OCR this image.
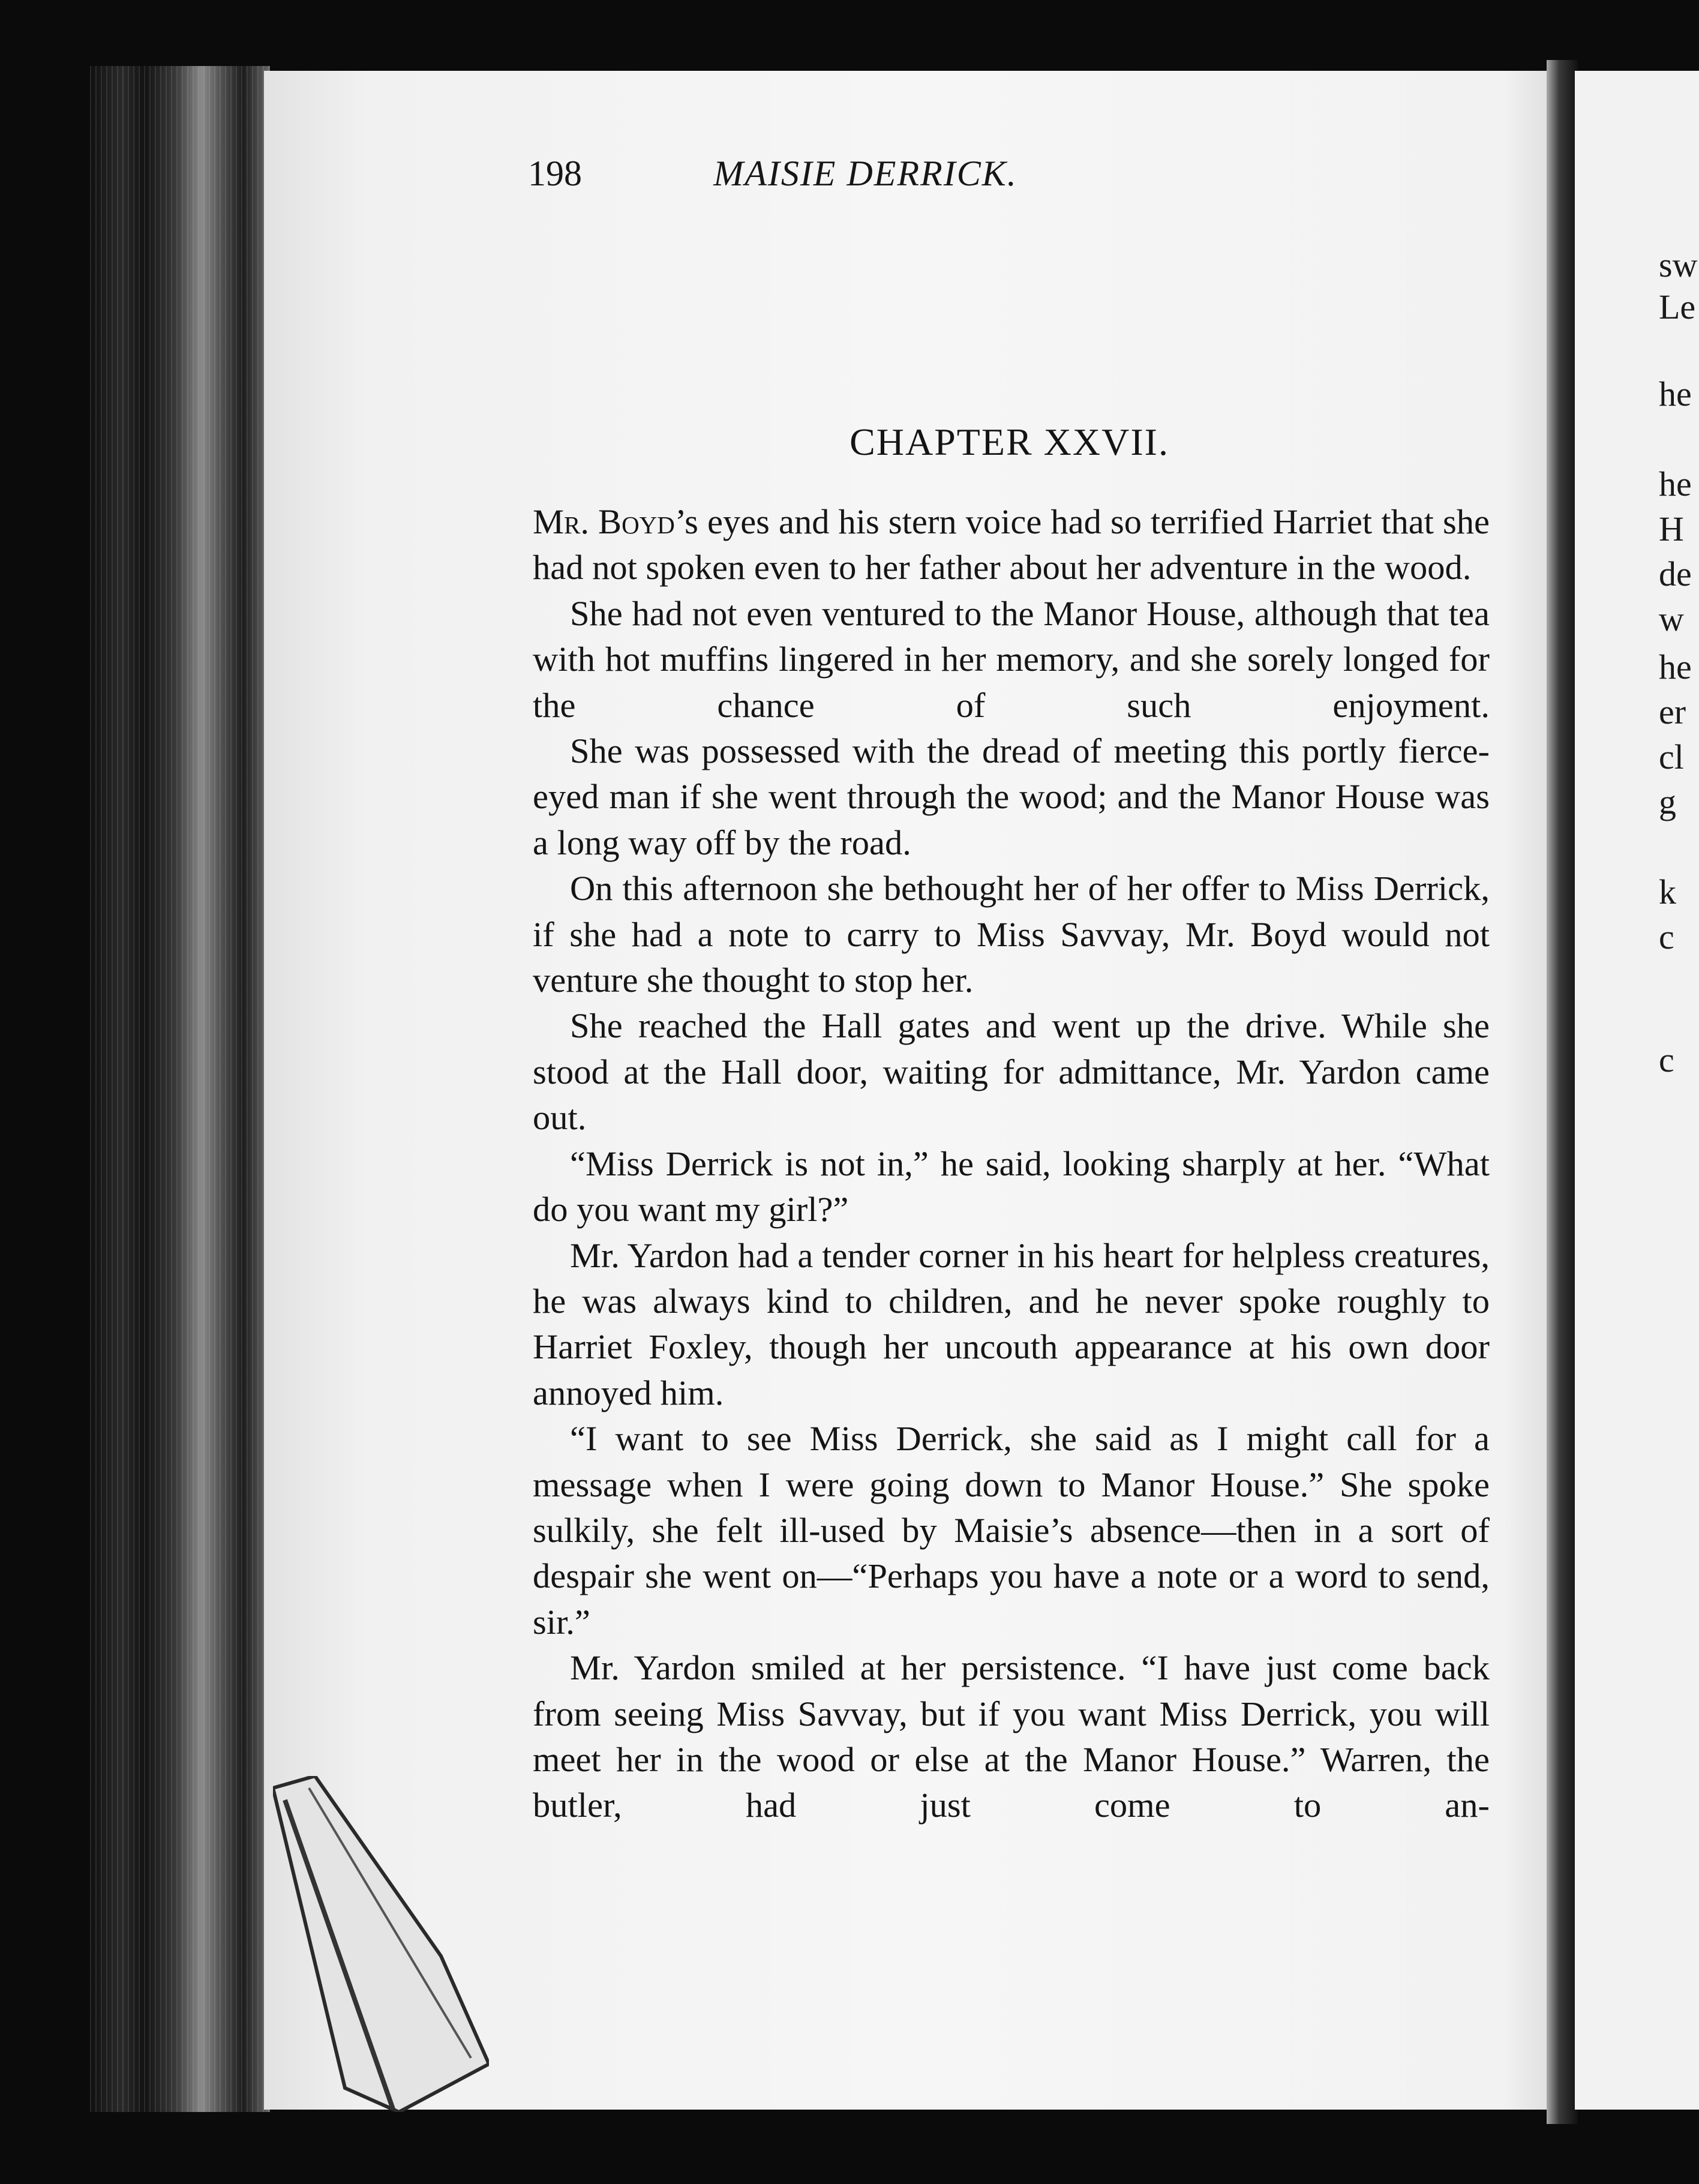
sw
Le
he
he
H
de
w
he
er
cl
g
k
c
c
198	MAISIE DERRICK.
CHAPTER XXVII.

Mr. Boyd’s eyes and his stern voice had so terrified Harriet that she had not spoken even to her father about her adventure in the wood.

She had not even ventured to the Manor House, although that tea with hot muffins lingered in her memory, and she sorely longed for the chance of such enjoyment.

She was possessed with the dread of meeting this portly fierce-eyed man if she went through the wood; and the Manor House was a long way off by the road.

On this afternoon she bethought her of her offer to Miss Derrick, if she had a note to carry to Miss Savvay, Mr. Boyd would not venture she thought to stop her.

She reached the Hall gates and went up the drive. While she stood at the Hall door, waiting for admittance, Mr. Yardon came out.

“Miss Derrick is not in,” he said, looking sharply at her. “What do you want my girl?”

Mr. Yardon had a tender corner in his heart for helpless creatures, he was always kind to children, and he never spoke roughly to Harriet Foxley, though her uncouth appearance at his own door annoyed him.

“I want to see Miss Derrick, she said as I might call for a message when I were going down to Manor House.” She spoke sulkily, she felt ill-used by Maisie’s absence—then in a sort of despair she went on—“Perhaps you have a note or a word to send, sir.”

Mr. Yardon smiled at her persistence. “I have just come back from seeing Miss Savvay, but if you want Miss Derrick, you will meet her in the wood or else at the Manor House.” Warren, the butler, had just come to an-
